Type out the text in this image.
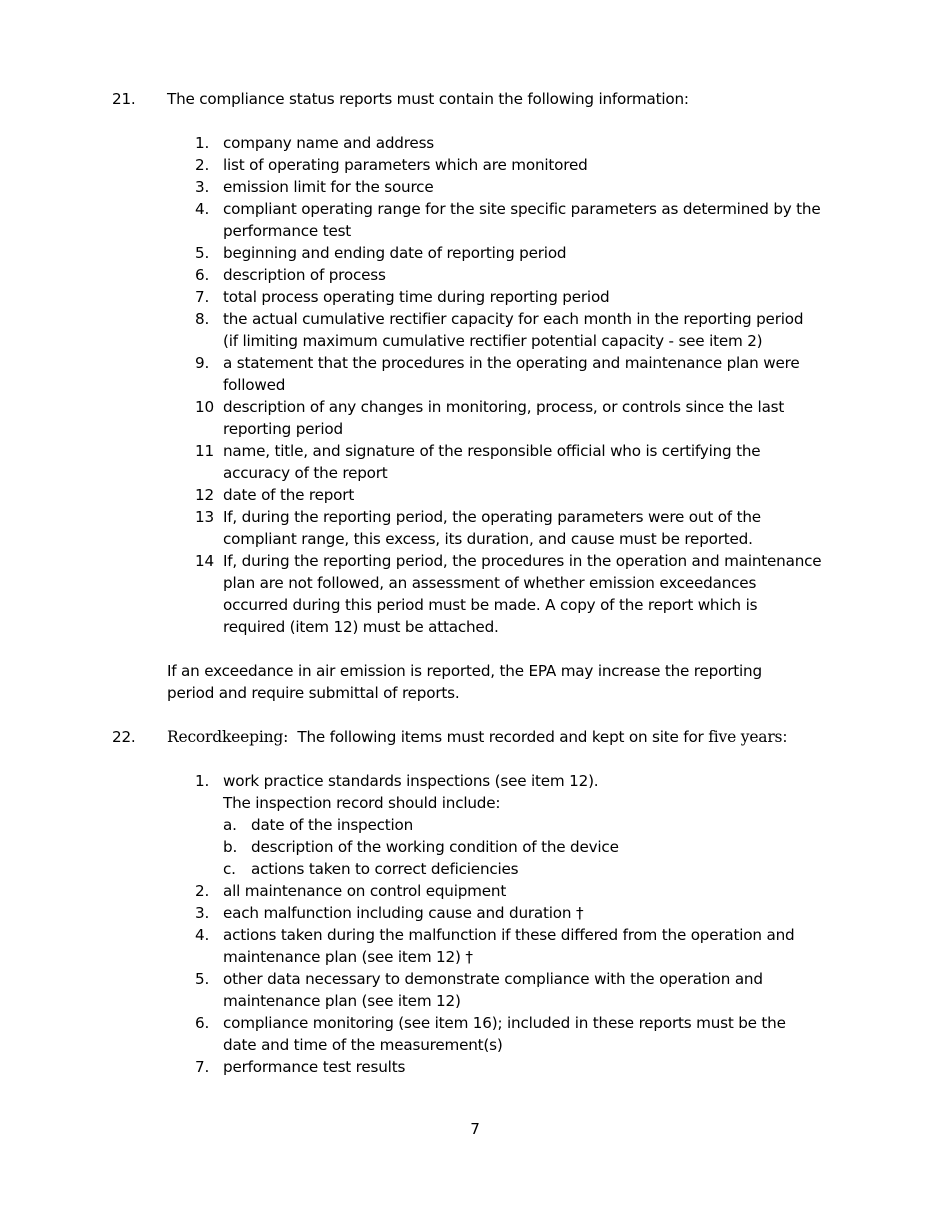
21. The compliance status reports must contain the following information:
1. company name and address
2. list of operating parameters which are monitored
3. emission limit for the source
4. compliant operating range for the site specific parameters as determined by the
performance test
5. beginning and ending date of reporting period
6. description of process
7. total process operating time during reporting period
8. the actual cumulative rectifier capacity for each month in the reporting period
(if limiting maximum cumulative rectifier potential capacity - see item 2)
9. a statement that the procedures in the operating and maintenance plan were
followed
10 description of any changes in monitoring, process, or controls since the last
reporting period
11 name, title, and signature of the responsible official who is certifying the
accuracy of the report
12 date of the report
13 If, during the reporting period, the operating parameters were out of the
compliant range, this excess, its duration, and cause must be reported.
14 If, during the reporting period, the procedures in the operation and maintenance
plan are not followed, an assessment of whether emission exceedances
occurred during this period must be made. A copy of the report which is
required (item 12) must be attached.
If an exceedance in air emission is reported, the EPA may increase the reporting
period and require submittal of reports.
22. Recordkeeping:  The following items must recorded and kept on site for five years:
1. work practice standards inspections (see item 12).
The inspection record should include:
a. date of the inspection
b. description of the working condition of the device
c. actions taken to correct deficiencies
2. all maintenance on control equipment
3. each malfunction including cause and duration †
4. actions taken during the malfunction if these differed from the operation and
maintenance plan (see item 12) †
5. other data necessary to demonstrate compliance with the operation and
maintenance plan (see item 12)
6. compliance monitoring (see item 16); included in these reports must be the
date and time of the measurement(s)
7. performance test results
7
